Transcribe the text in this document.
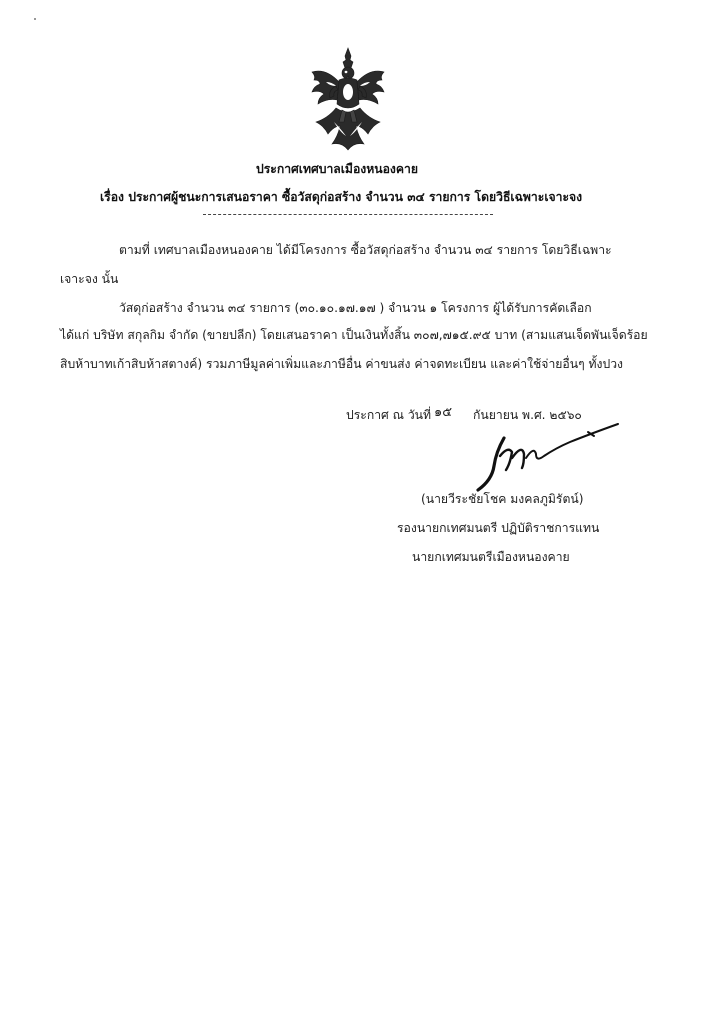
ประกาศเทศบาลเมืองหนองคาย
เรื่อง ประกาศผู้ชนะการเสนอราคา ซื้อวัสดุก่อสร้าง จำนวน ๓๔ รายการ โดยวิธีเฉพาะเจาะจง
ตามที่ เทศบาลเมืองหนองคาย ได้มีโครงการ ซื้อวัสดุก่อสร้าง จำนวน ๓๔ รายการ โดยวิธีเฉพาะ
เจาะจง นั้น
วัสดุก่อสร้าง จำนวน ๓๔ รายการ (๓๐.๑๐.๑๗.๑๗ ) จำนวน ๑ โครงการ ผู้ได้รับการคัดเลือก
ได้แก่ บริษัท สกุลกิม จำกัด (ขายปลีก) โดยเสนอราคา เป็นเงินทั้งสิ้น ๓๐๗,๗๑๕.๙๕ บาท (สามแสนเจ็ดพันเจ็ดร้อย
สิบห้าบาทเก้าสิบห้าสตางค์) รวมภาษีมูลค่าเพิ่มและภาษีอื่น ค่าขนส่ง ค่าจดทะเบียน และค่าใช้จ่ายอื่นๆ ทั้งปวง
ประกาศ ณ วันที่ ๑๕ กันยายน พ.ศ. ๒๕๖๐
(นายวีระชัยโชค มงคลภูมิรัตน์)
รองนายกเทศมนตรี ปฏิบัติราชการแทน
นายกเทศมนตรีเมืองหนองคาย
